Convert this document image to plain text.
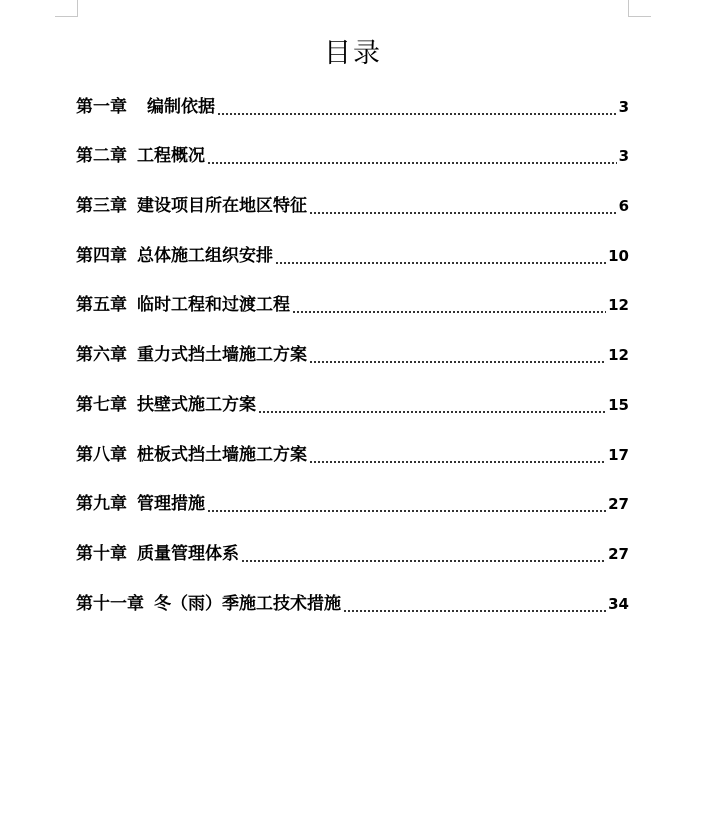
目录
第一章 编制依据	3
第二章 工程概况	3
第三章 建设项目所在地区特征	6
第四章 总体施工组织安排	10
第五章 临时工程和过渡工程	12
第六章 重力式挡土墙施工方案	12
第七章 扶壁式施工方案	15
第八章 桩板式挡土墙施工方案	17
第九章 管理措施	27
第十章 质量管理体系	27
第十一章 冬（雨）季施工技术措施	34
